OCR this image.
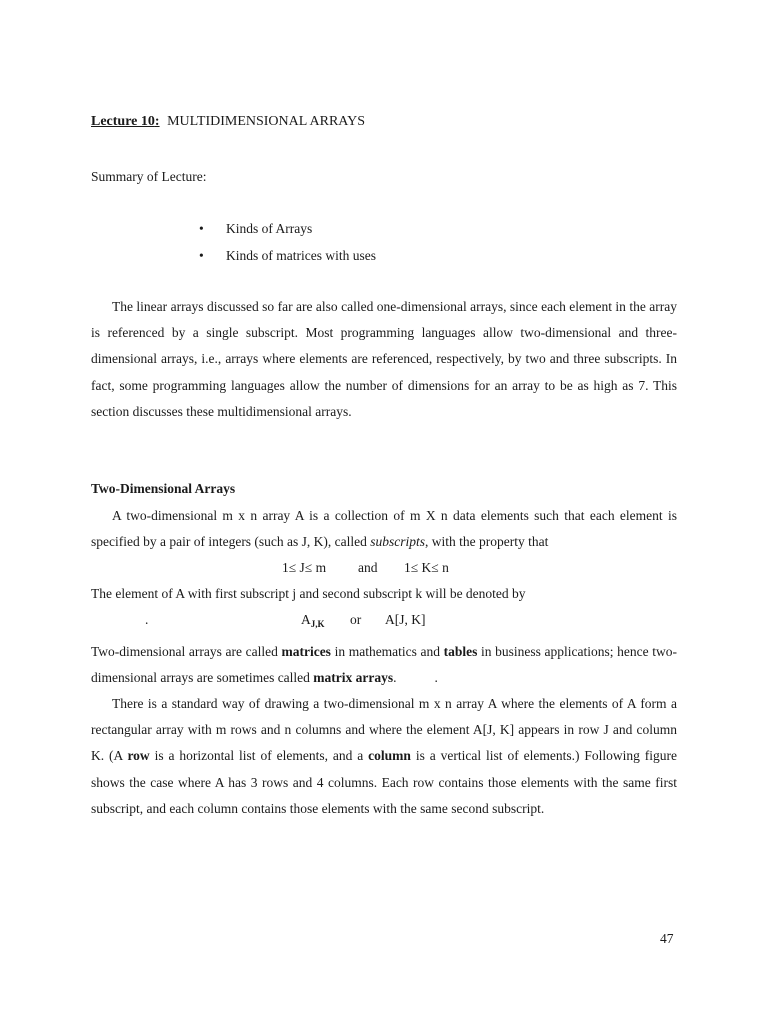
Lecture 10: MULTIDIMENSIONAL ARRAYS
Summary of Lecture:
• Kinds of Arrays
• Kinds of matrices with uses

The linear arrays discussed so far are also called one-dimensional arrays, since each element in the array is referenced by a single subscript. Most programming languages allow two-dimensional and three-dimensional arrays, i.e., arrays where elements are referenced, respectively, by two and three subscripts. In fact, some programming languages allow the number of dimensions for an array to be as high as 7. This section discusses these multidimensional arrays.

Two-Dimensional Arrays

A two-dimensional m x n array A is a collection of m X n data elements such that each element is specified by a pair of integers (such as J, K), called subscripts, with the property that

1≤ J≤ m and 1≤ K≤ n
The element of A with first subscript j and second subscript k will be denoted by
.	$A_{J,K}$ or A[J, K]

Two-dimensional arrays are called matrices in mathematics and tables in business applications; hence two-dimensional arrays are sometimes called matrix arrays.	.

There is a standard way of drawing a two-dimensional m x n array A where the elements of A form a rectangular array with m rows and n columns and where the element A[J, K] appears in row J and column K. (A row is a horizontal list of elements, and a column is a vertical list of elements.) Following figure shows the case where A has 3 rows and 4 columns. Each row contains those elements with the same first subscript, and each column contains those elements with the same second subscript.

47
